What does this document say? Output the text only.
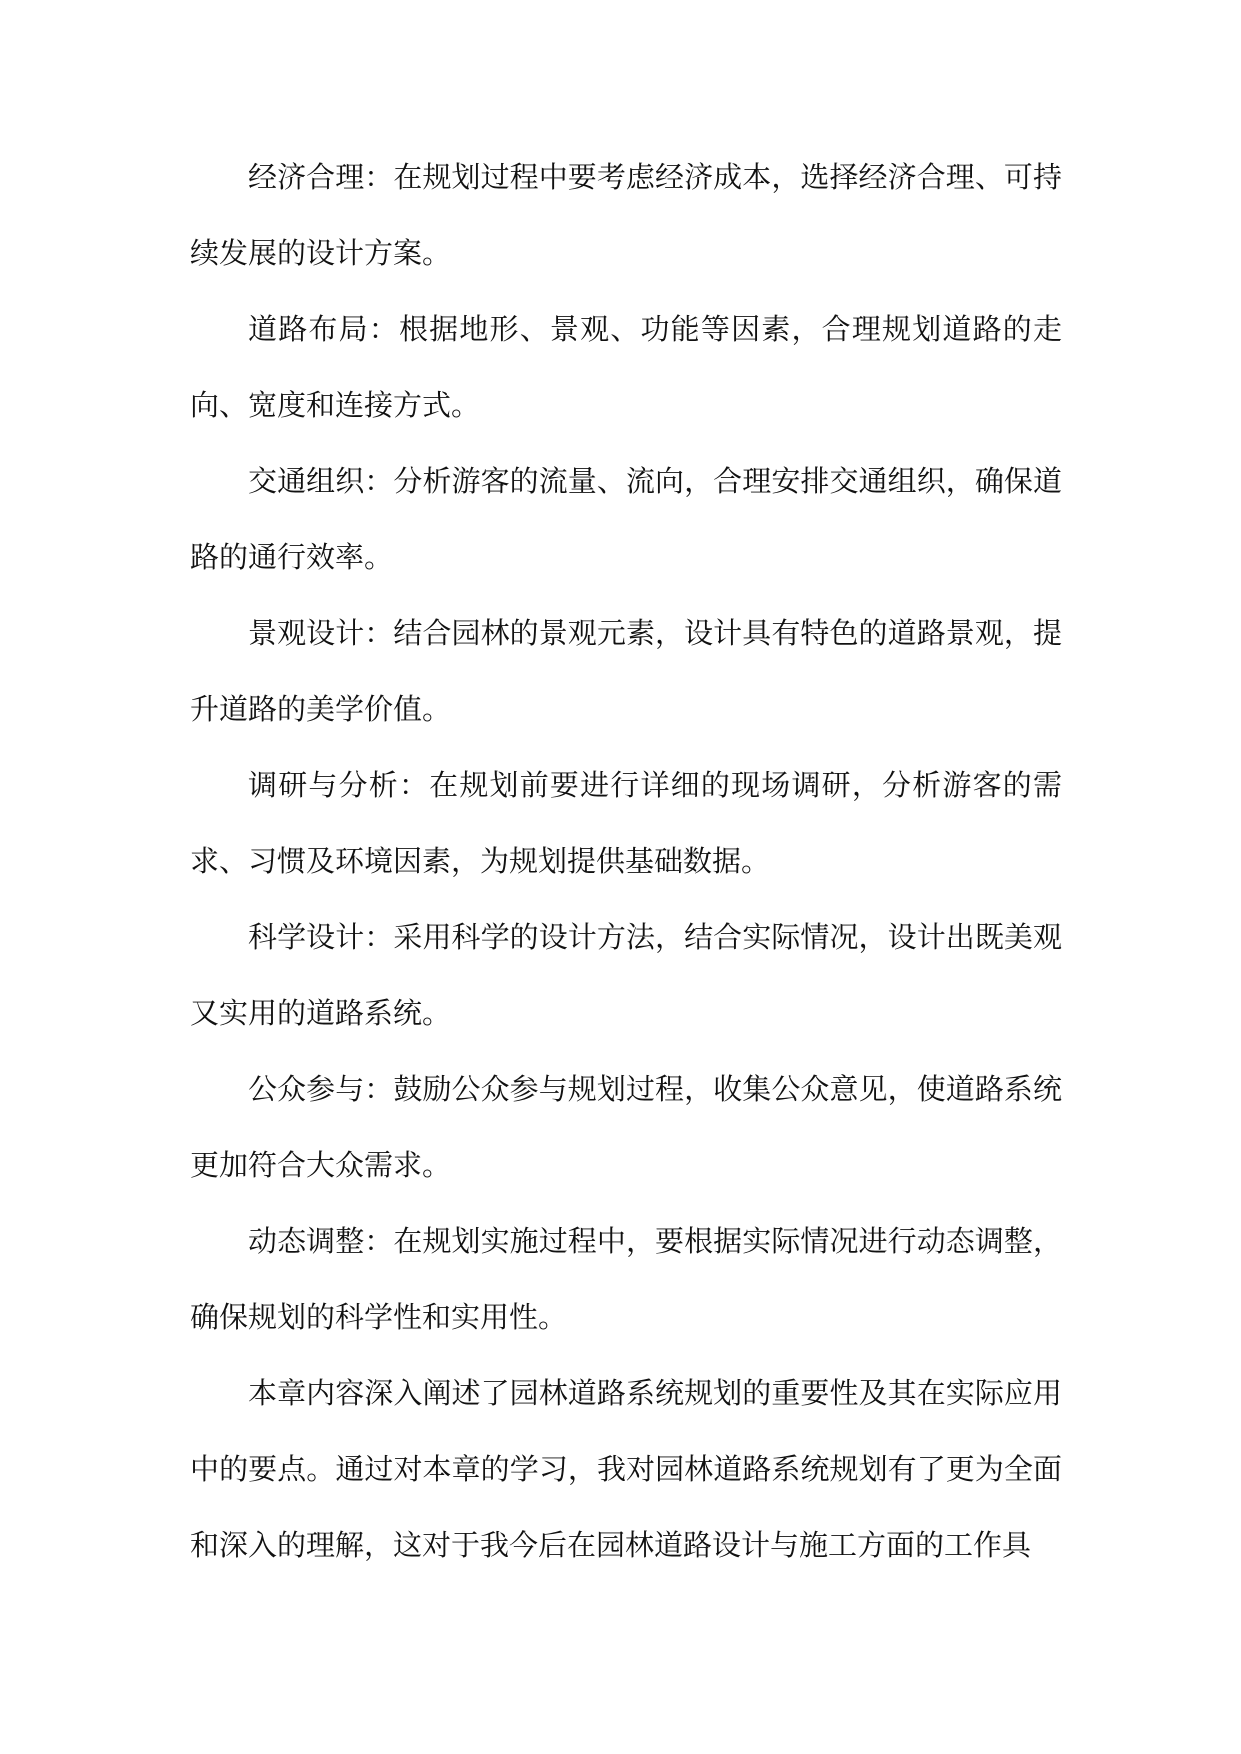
经济合理：在规划过程中要考虑经济成本，选择经济合理、可持续发展的设计方案。

道路布局：根据地形、景观、功能等因素，合理规划道路的走向、宽度和连接方式。

交通组织：分析游客的流量、流向，合理安排交通组织，确保道路的通行效率。

景观设计：结合园林的景观元素，设计具有特色的道路景观，提升道路的美学价值。

调研与分析：在规划前要进行详细的现场调研，分析游客的需求、习惯及环境因素，为规划提供基础数据。

科学设计：采用科学的设计方法，结合实际情况，设计出既美观又实用的道路系统。

公众参与：鼓励公众参与规划过程，收集公众意见，使道路系统更加符合大众需求。

动态调整：在规划实施过程中，要根据实际情况进行动态调整，确保规划的科学性和实用性。

本章内容深入阐述了园林道路系统规划的重要性及其在实际应用中的要点。通过对本章的学习，我对园林道路系统规划有了更为全面和深入的理解，这对于我今后在园林道路设计与施工方面的工作具
